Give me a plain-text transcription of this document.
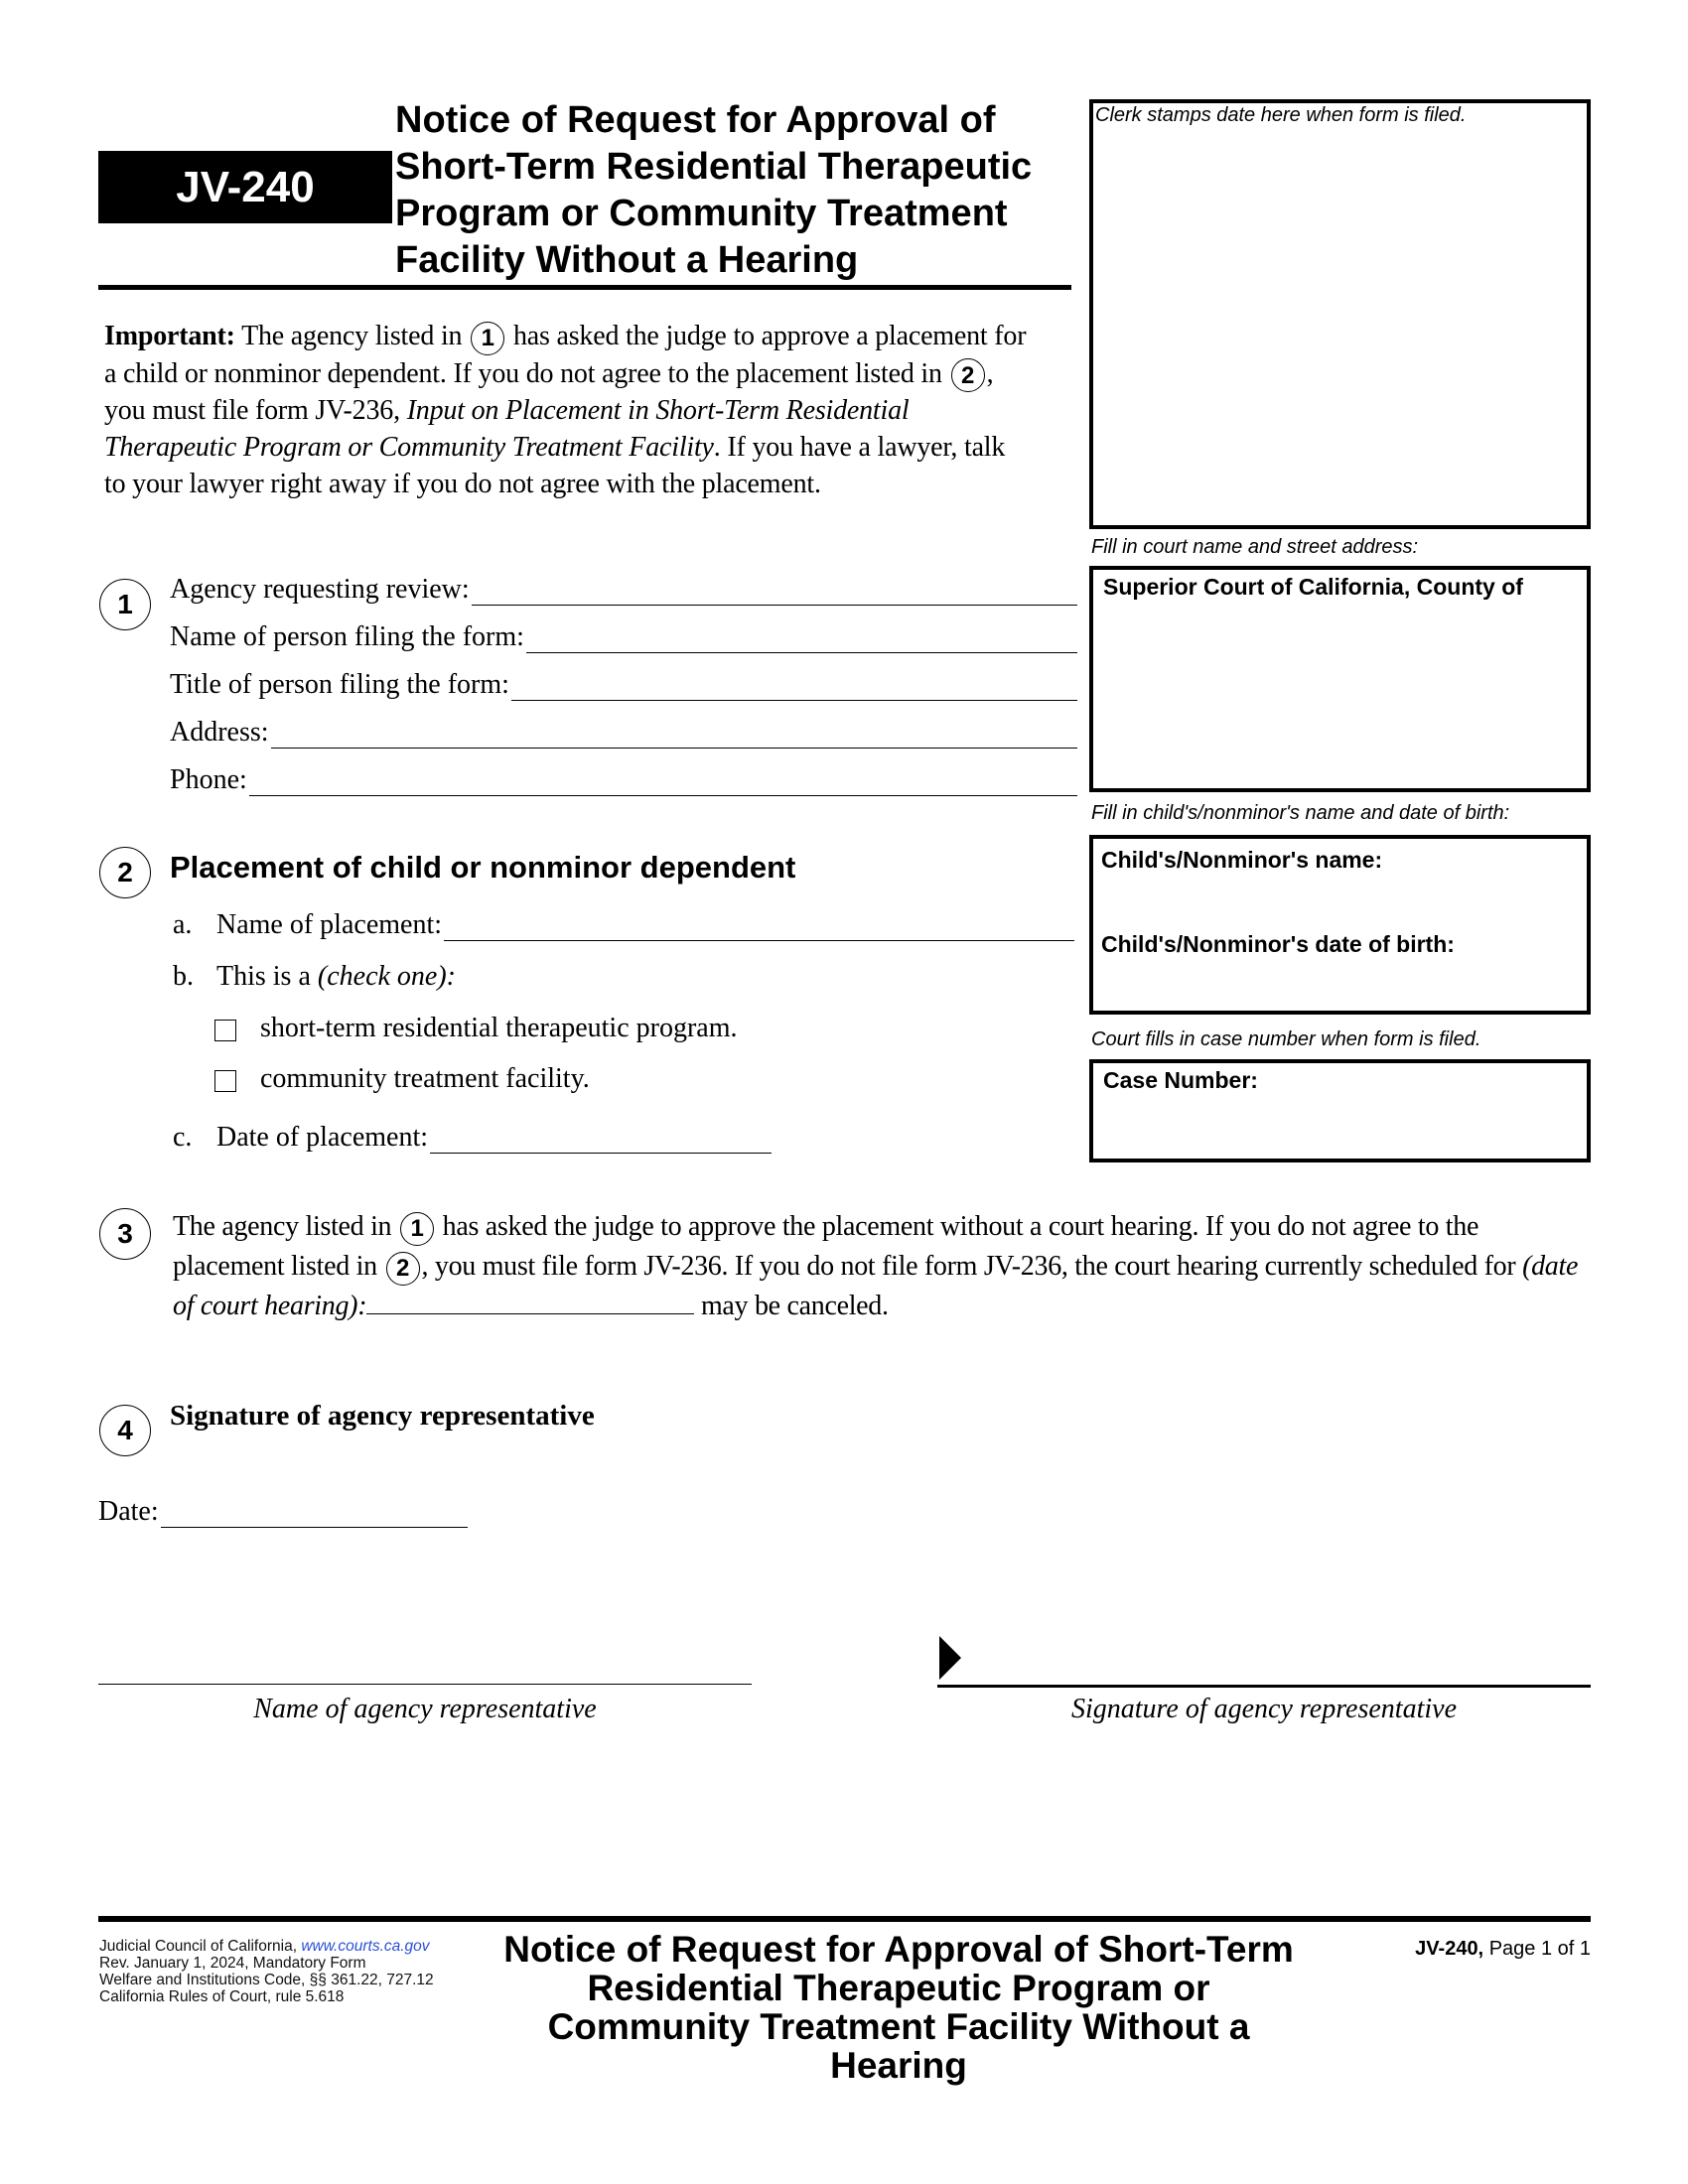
JV-240
Notice of Request for Approval of
Short-Term Residential Therapeutic
Program or Community Treatment
Facility Without a Hearing
Clerk stamps date here when form is filed.
Fill in court name and street address:
Superior Court of California, County of
Fill in child's/nonminor's name and date of birth:
Child's/Nonminor's name:
Child's/Nonminor's date of birth:
Court fills in case number when form is filed.
Case Number:
Important: The agency listed in 1 has asked the judge to approve a placement for a child or nonminor dependent. If you do not agree to the placement listed in 2 , you must file form JV-236, Input on Placement in Short-Term Residential Therapeutic Program or Community Treatment Facility. If you have a lawyer, talk to your lawyer right away if you do not agree with the placement.
1	Agency requesting review:
Name of person filing the form:
Title of person filing the form:
Address:
Phone:
2	Placement of child or nonminor dependent
a. Name of placement:
b. This is a (check one):
short-term residential therapeutic program.
community treatment facility.
c. Date of placement:
3	The agency listed in 1 has asked the judge to approve the placement without a court hearing. If you do not agree to the placement listed in 2 , you must file form JV-236. If you do not file form JV-236, the court hearing currently scheduled for (date of court hearing):	may be canceled.
4	Signature of agency representative
Date:
Name of agency representative	Signature of agency representative
Judicial Council of California, www.courts.ca.gov
Rev. January 1, 2024, Mandatory Form
Welfare and Institutions Code, §§ 361.22, 727.12
California Rules of Court, rule 5.618
Notice of Request for Approval of Short-Term
Residential Therapeutic Program or
Community Treatment Facility Without a
Hearing
JV-240, Page 1 of 1
